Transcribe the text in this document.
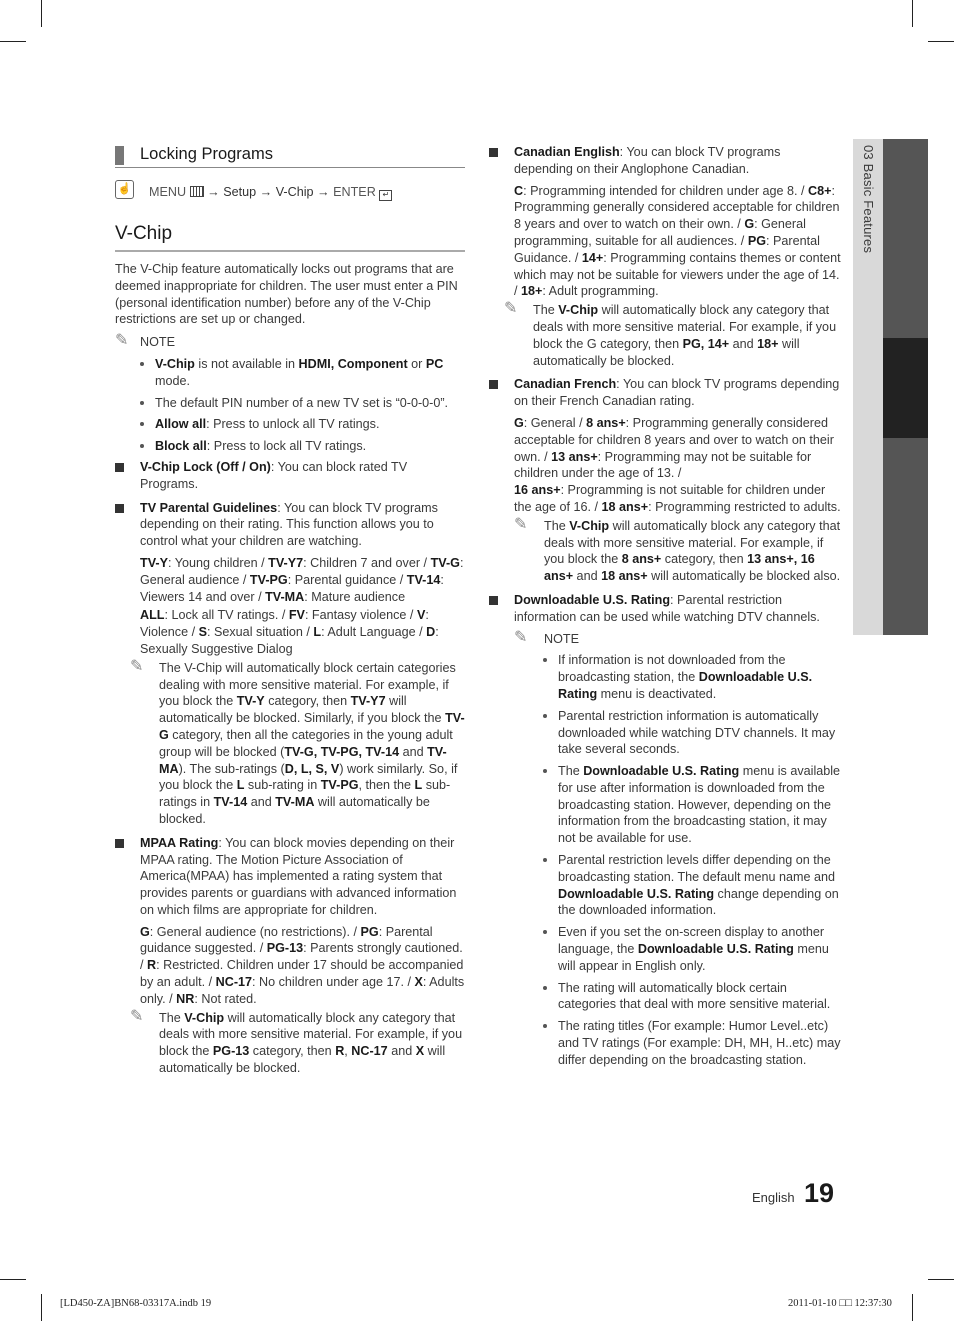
Locking Programs
☝ MENU → Setup → V-Chip → ENTER ↵
V-Chip

The V-Chip feature automatically locks out programs that are deemed inappropriate for children. The user must enter a PIN (personal identification number) before any of the V-Chip restrictions are set up or changed.

✎ NOTE
V-Chip is not available in HDMI, Component or PC mode.
The default PIN number of a new TV set is “0-0-0-0”.
Allow all: Press to unlock all TV ratings.
Block all: Press to lock all TV ratings.
V-Chip Lock (Off / On): You can block rated TV Programs.
TV Parental Guidelines: You can block TV programs depending on their rating. This function allows you to control what your children are watching.

TV-Y: Young children / TV-Y7: Children 7 and over / TV-G: General audience / TV-PG: Parental guidance / TV-14: Viewers 14 and over / TV-MA: Mature audience

ALL: Lock all TV ratings. / FV: Fantasy violence / V: Violence / S: Sexual situation / L: Adult Language / D: Sexually Suggestive Dialog

✎ The V-Chip will automatically block certain categories dealing with more sensitive material. For example, if you block the TV-Y category, then TV-Y7 will automatically be blocked. Similarly, if you block the TV-G category, then all the categories in the young adult group will be blocked (TV-G, TV-PG, TV-14 and TV-MA). The sub-ratings (D, L, S, V) work similarly. So, if you block the L sub-rating in TV-PG, then the L sub-ratings in TV-14 and TV-MA will automatically be blocked.
MPAA Rating: You can block movies depending on their MPAA rating. The Motion Picture Association of America(MPAA) has implemented a rating system that provides parents or guardians with advanced information on which films are appropriate for children.

G: General audience (no restrictions). / PG: Parental guidance suggested. / PG-13: Parents strongly cautioned. / R: Restricted. Children under 17 should be accompanied by an adult. / NC-17: No children under age 17. / X: Adults only. / NR: Not rated.

✎ The V-Chip will automatically block any category that deals with more sensitive material. For example, if you block the PG-13 category, then R, NC-17 and X will automatically be blocked.
Canadian English: You can block TV programs depending on their Anglophone Canadian.

C: Programming intended for children under age 8. / C8+: Programming generally considered acceptable for children 8 years and over to watch on their own. / G: General programming, suitable for all audiences. / PG: Parental Guidance. / 14+: Programming contains themes or content which may not be suitable for viewers under the age of 14. / 18+: Adult programming.

✎ The V-Chip will automatically block any category that deals with more sensitive material. For example, if you block the G category, then PG, 14+ and 18+ will automatically be blocked.
Canadian French: You can block TV programs depending on their French Canadian rating.

G: General / 8 ans+: Programming generally considered acceptable for children 8 years and over to watch on their own. / 13 ans+: Programming may not be suitable for children under the age of 13. /
16 ans+: Programming is not suitable for children under the age of 16. / 18 ans+: Programming restricted to adults.

✎ The V-Chip will automatically block any category that deals with more sensitive material. For example, if you block the 8 ans+ category, then 13 ans+, 16 ans+ and 18 ans+ will automatically be blocked also.
Downloadable U.S. Rating: Parental restriction information can be used while watching DTV channels.
✎ NOTE
If information is not downloaded from the broadcasting station, the Downloadable U.S. Rating menu is deactivated.
Parental restriction information is automatically downloaded while watching DTV channels. It may take several seconds.
The Downloadable U.S. Rating menu is available for use after information is downloaded from the broadcasting station. However, depending on the information from the broadcasting station, it may not be available for use.
Parental restriction levels differ depending on the broadcasting station. The default menu name and Downloadable U.S. Rating change depending on the downloaded information.
Even if you set the on-screen display to another language, the Downloadable U.S. Rating menu will appear in English only.
The rating will automatically block certain categories that deal with more sensitive material.
The rating titles (For example: Humor Level..etc) and TV ratings (For example: DH, MH, H..etc) may differ depending on the broadcasting station.
03 Basic Features
English 19
[LD450-ZA]BN68-03317A.indb 19	2011-01-10 □□ 12:37:30
